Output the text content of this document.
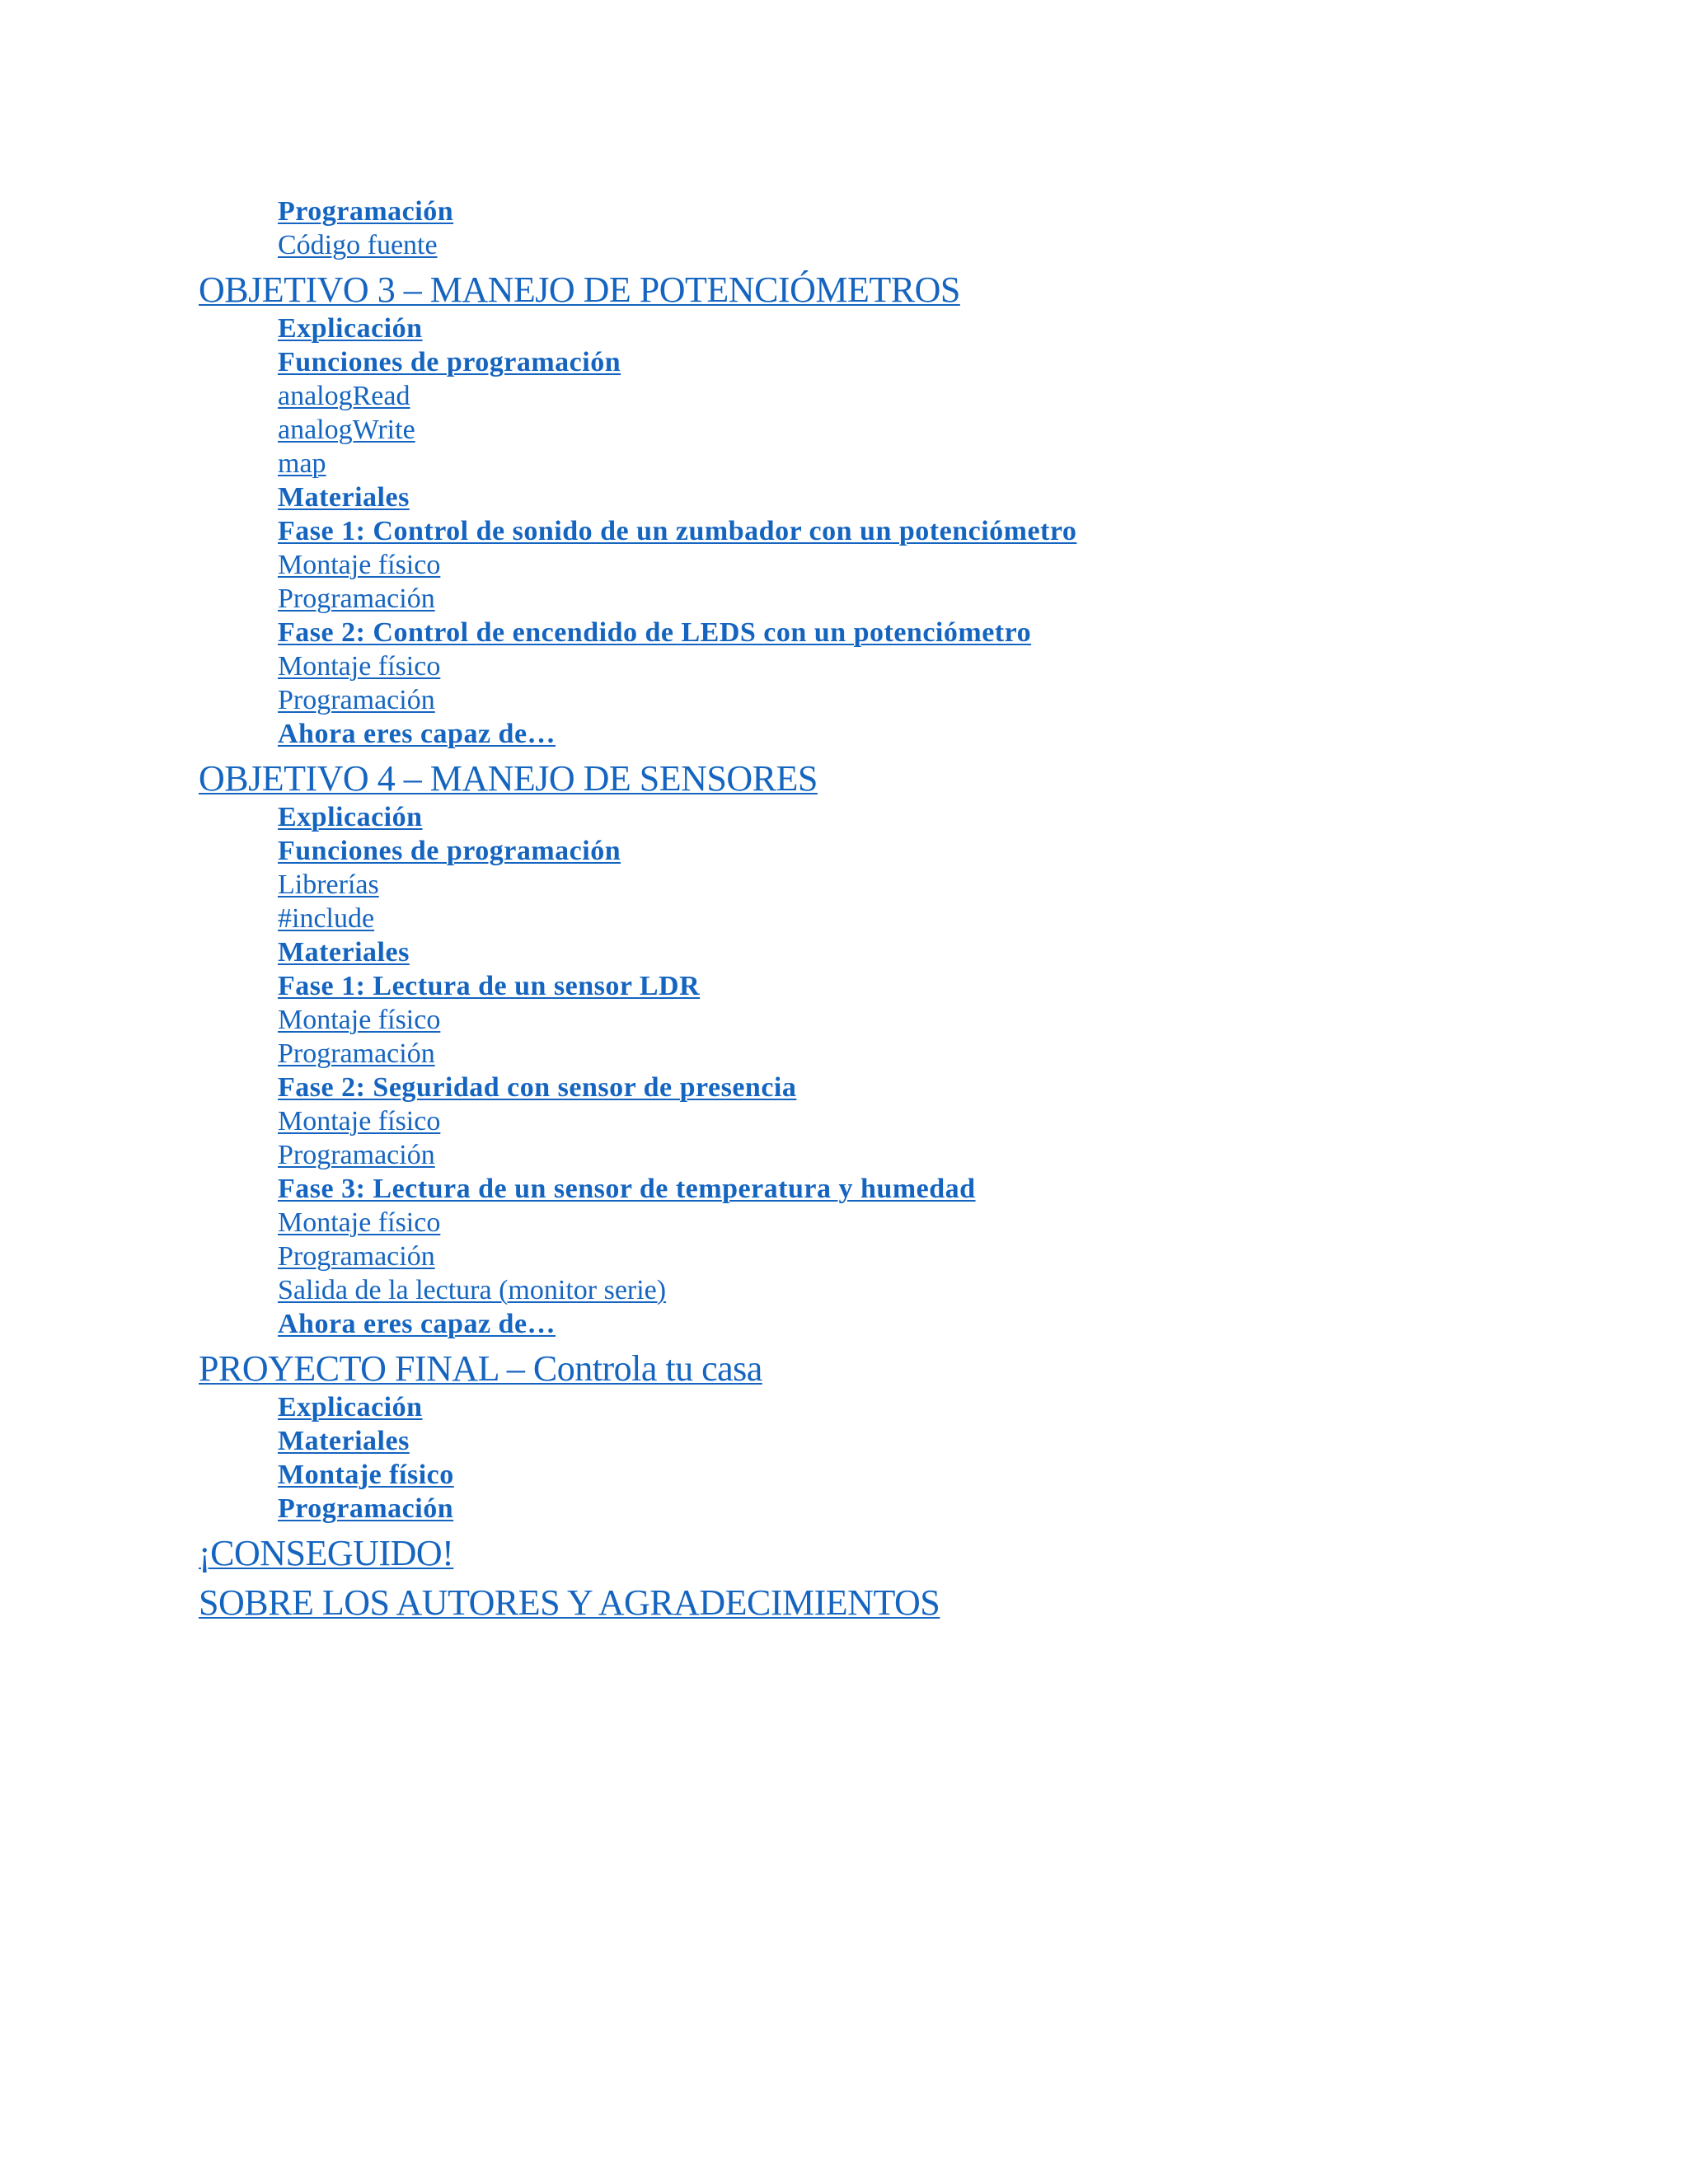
Programación
Código fuente
OBJETIVO 3 – MANEJO DE POTENCIÓMETROS
Explicación
Funciones de programación
analogRead
analogWrite
map
Materiales
Fase 1: Control de sonido de un zumbador con un potenciómetro
Montaje físico
Programación
Fase 2: Control de encendido de LEDS con un potenciómetro
Montaje físico
Programación
Ahora eres capaz de…
OBJETIVO 4 – MANEJO DE SENSORES
Explicación
Funciones de programación
Librerías
#include
Materiales
Fase 1: Lectura de un sensor LDR
Montaje físico
Programación
Fase 2: Seguridad con sensor de presencia
Montaje físico
Programación
Fase 3: Lectura de un sensor de temperatura y humedad
Montaje físico
Programación
Salida de la lectura (monitor serie)
Ahora eres capaz de…
PROYECTO FINAL – Controla tu casa
Explicación
Materiales
Montaje físico
Programación
¡CONSEGUIDO!
SOBRE LOS AUTORES Y AGRADECIMIENTOS
